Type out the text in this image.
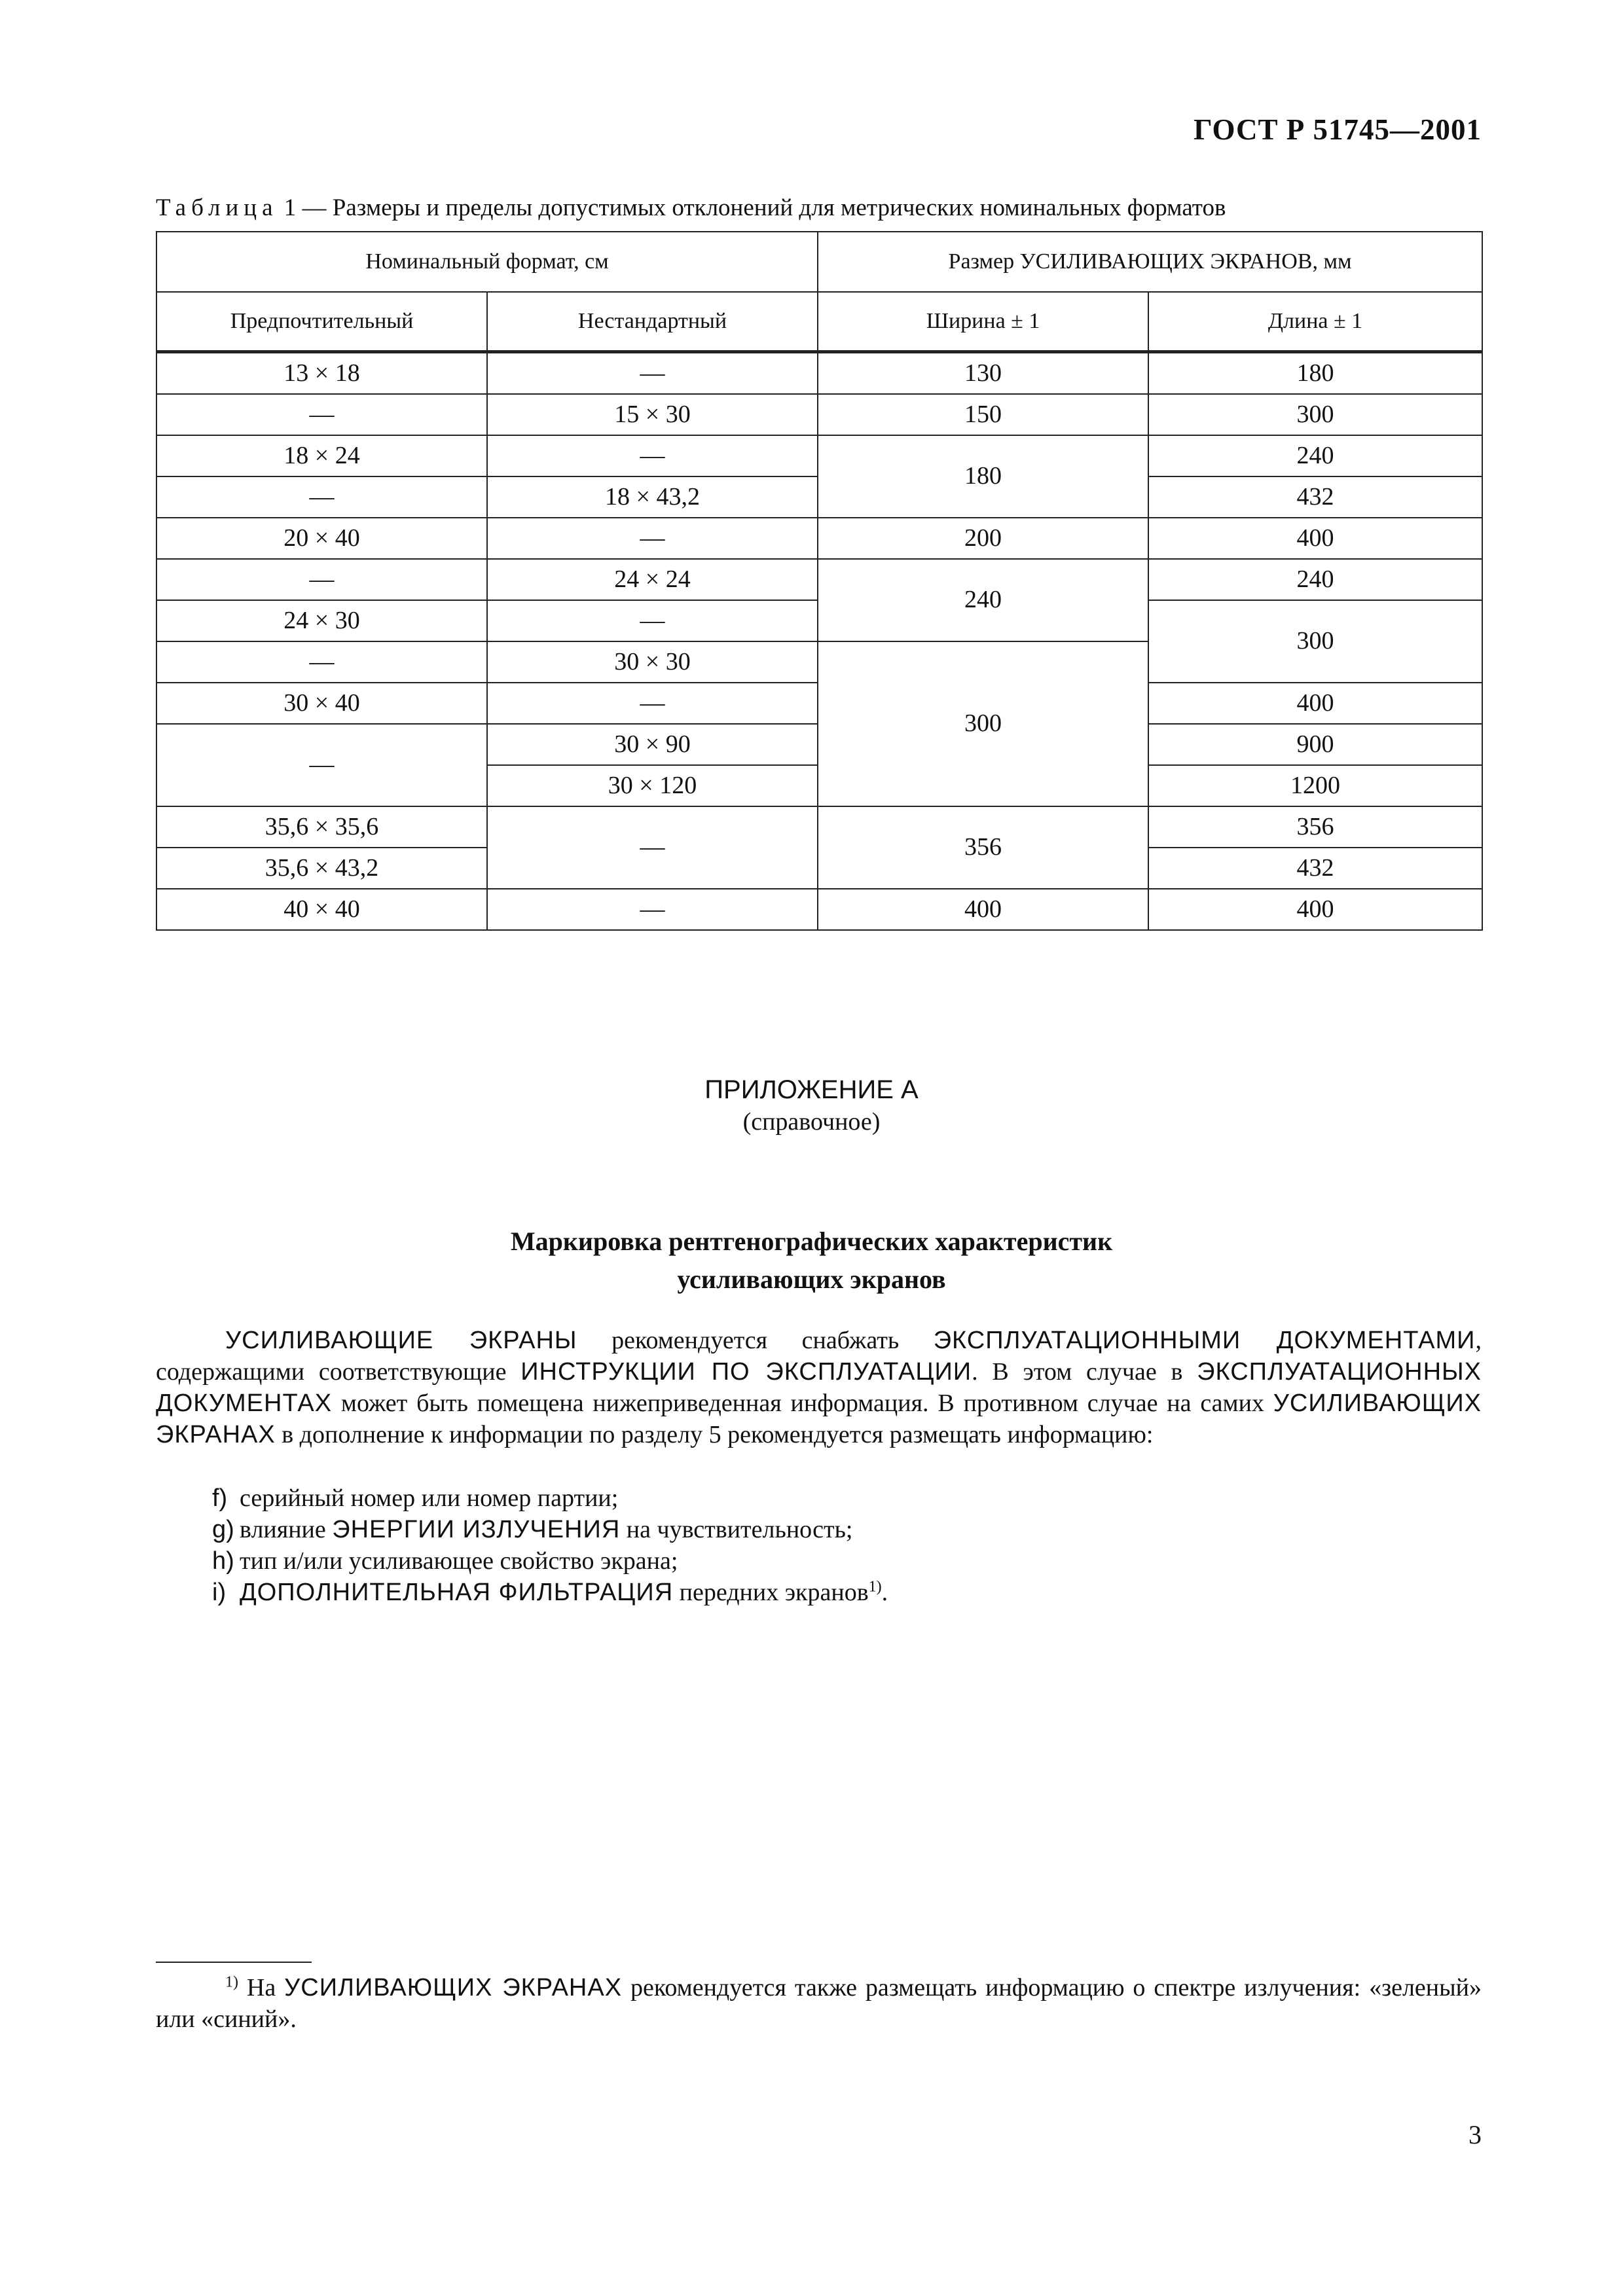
ГОСТ Р 51745—2001
Таблица 1 — Размеры и пределы допустимых отклонений для метрических номинальных форматов
Номинальный формат, см		Размер УСИЛИВАЮЩИХ ЭКРАНОВ, мм	
Предпочтительный	Нестандартный	Ширина ± 1	Длина ± 1
13 × 18	—	130	180
—	15 × 30	150	300
18 × 24	—	180	240
—	18 × 43,2		432
20 × 40	—	200	400
—	24 × 24	240	240
24 × 30	—		300
—	30 × 30	300	
30 × 40	—		400
—	30 × 90		900
	30 × 120		1200
35,6 × 35,6	—	356	356
35,6 × 43,2			432
40 × 40	—	400	400
ПРИЛОЖЕНИЕ А
(справочное)
Маркировка рентгенографических характеристик
усиливающих экранов

УСИЛИВАЮЩИЕ ЭКРАНЫ рекомендуется снабжать ЭКСПЛУАТАЦИОННЫМИ ДОКУМЕНТАМИ, содержащими соответствующие ИНСТРУКЦИИ ПО ЭКСПЛУАТАЦИИ. В этом случае в ЭКСПЛУАТАЦИОННЫХ ДОКУМЕНТАХ может быть помещена нижеприведенная информация. В противном случае на самих УСИЛИВАЮЩИХ ЭКРАНАХ в дополнение к информации по разделу 5 рекомендуется размещать информацию:

f) серийный номер или номер партии;
g) влияние ЭНЕРГИИ ИЗЛУЧЕНИЯ на чувствительность;
h) тип и/или усиливающее свойство экрана;
i) ДОПОЛНИТЕЛЬНАЯ ФИЛЬТРАЦИЯ передних экранов$^{1)}$.

$^{1)}$ На УСИЛИВАЮЩИХ ЭКРАНАХ рекомендуется также размещать информацию о спектре излучения: «зеленый» или «синий».

3
